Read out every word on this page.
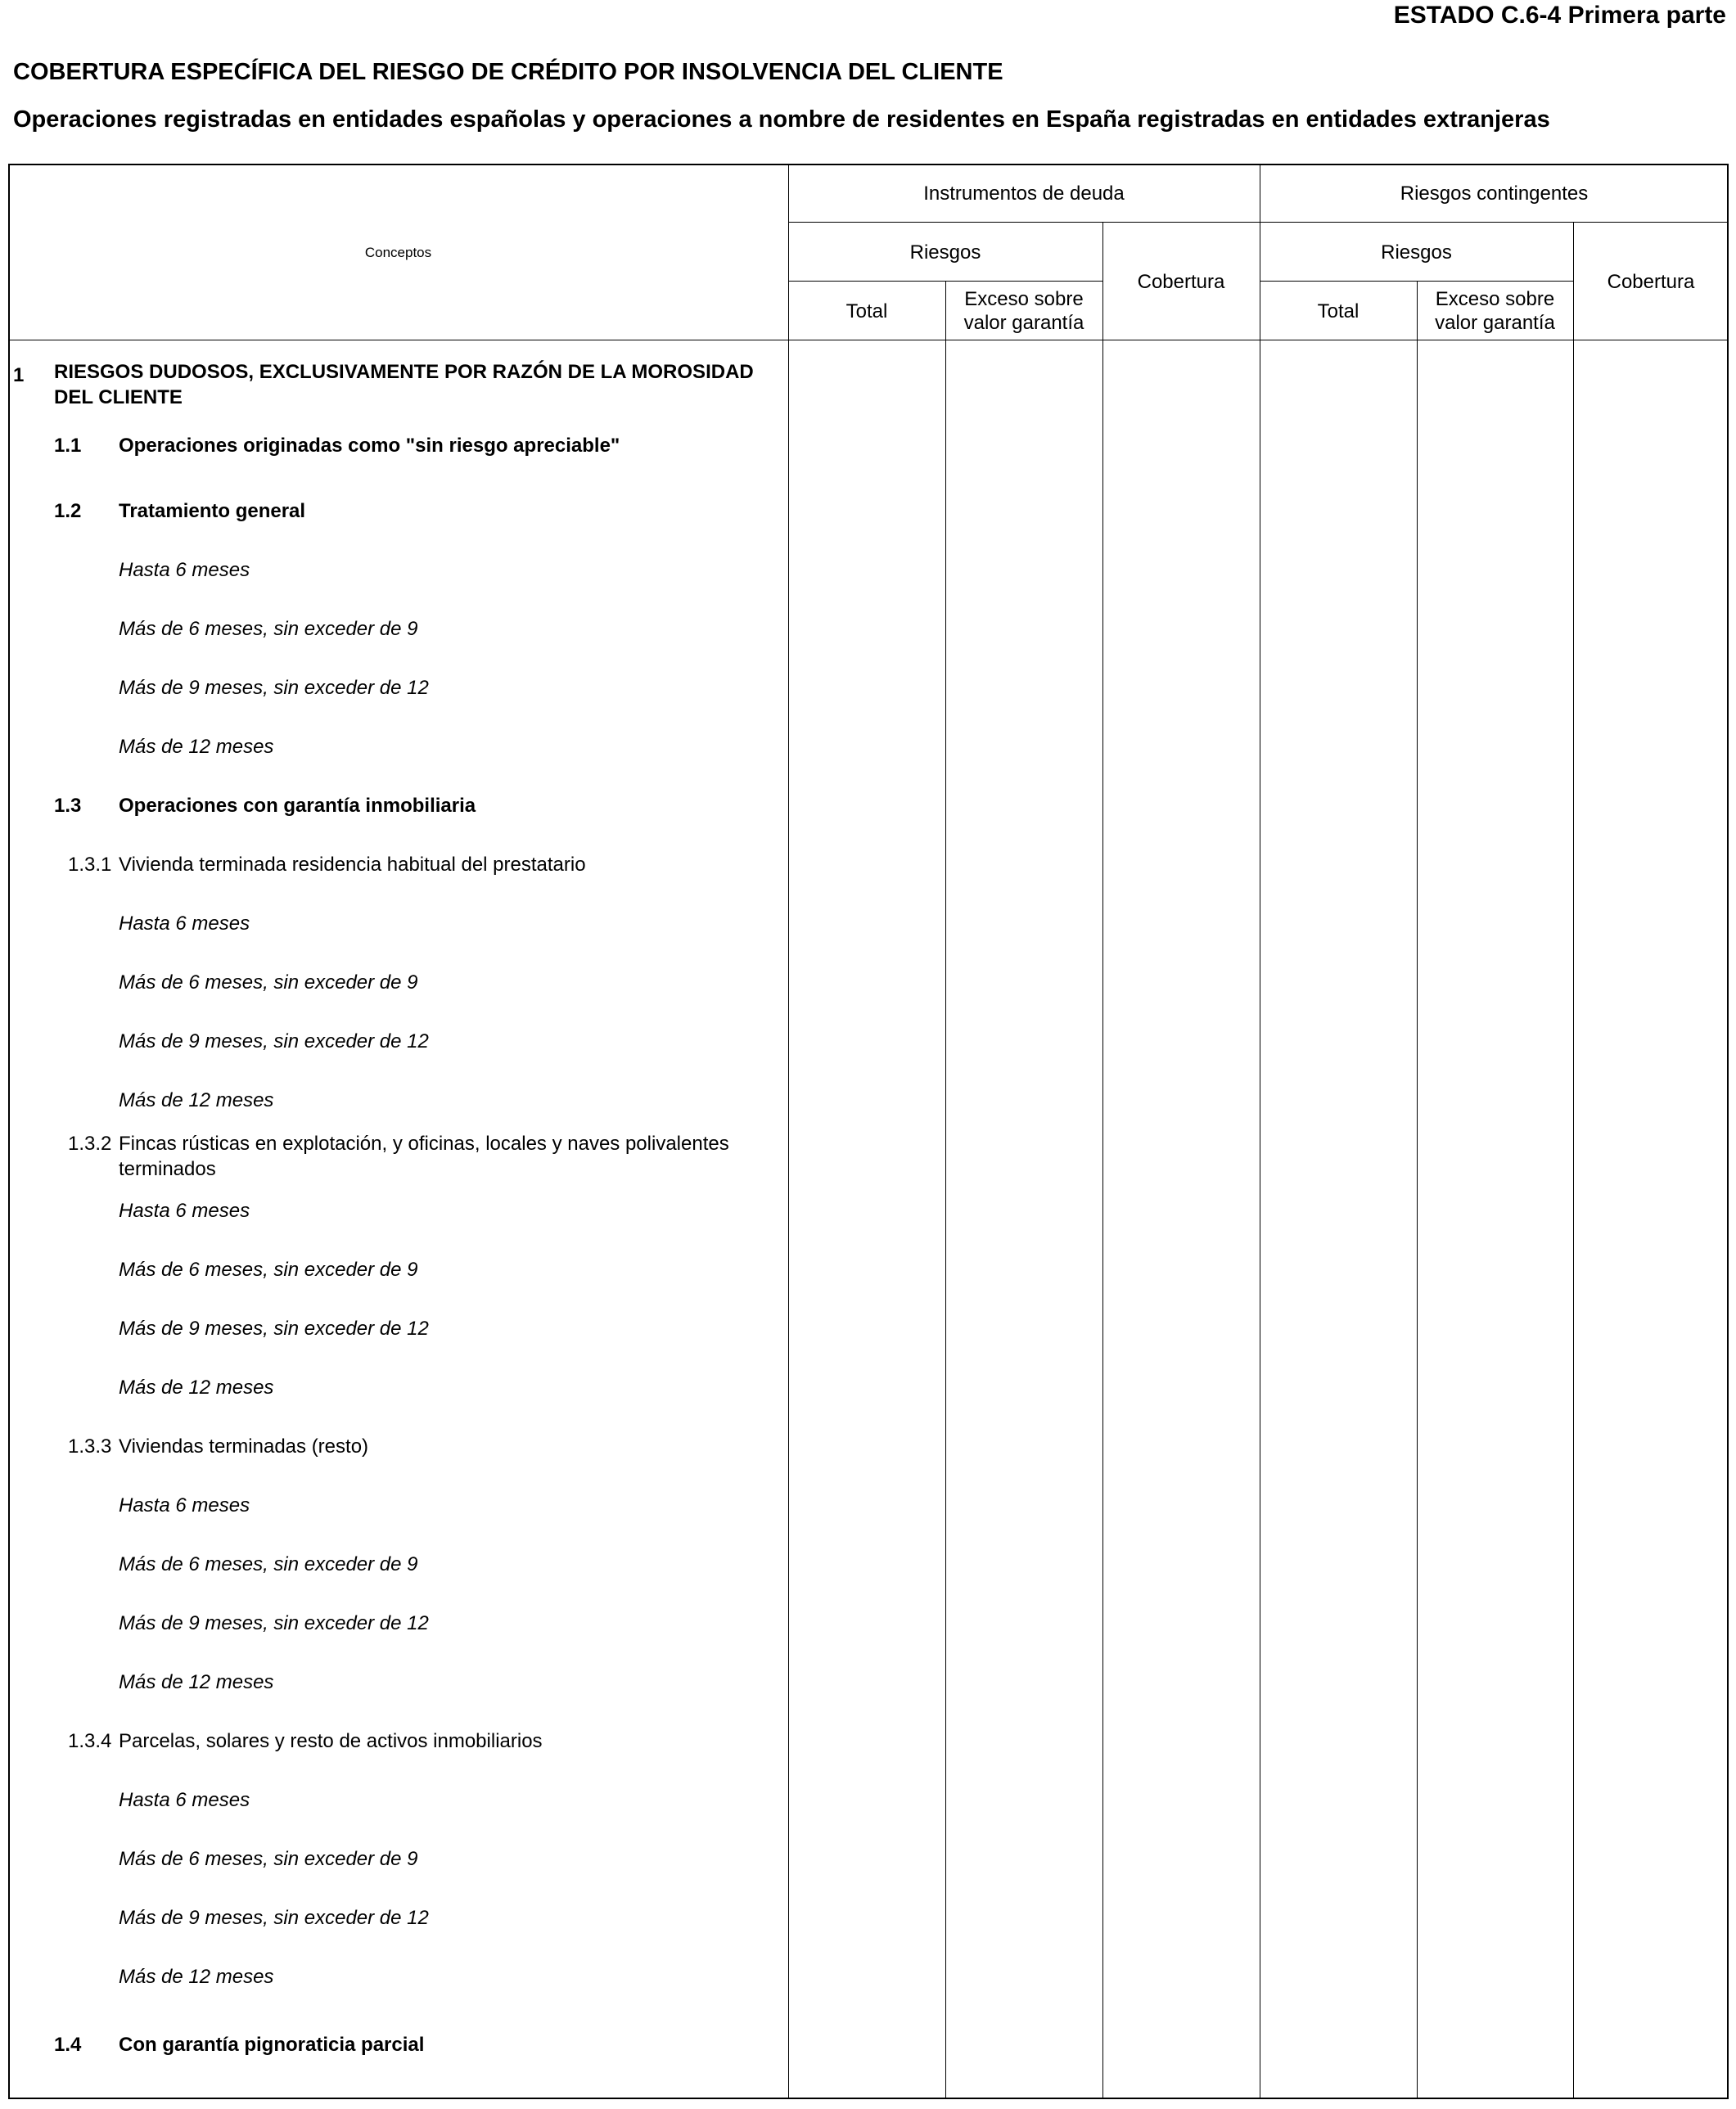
ESTADO C.6-4 Primera parte
COBERTURA ESPECÍFICA DEL RIESGO DE CRÉDITO POR INSOLVENCIA DEL CLIENTE
Operaciones registradas en entidades españolas y operaciones a nombre de residentes en España registradas en entidades extranjeras
Conceptos
Instrumentos de deuda	Riesgos contingentes
Riesgos
Cobertura
Riesgos
Cobertura
Total
Exceso sobre
valor garantía
Total
Exceso sobre
valor garantía
1 RIESGOS DUDOSOS, EXCLUSIVAMENTE POR RAZÓN DE LA MOROSIDAD
DEL CLIENTE
1.1 Operaciones originadas como "sin riesgo apreciable"
1.2 Tratamiento general
Hasta 6 meses
Más de 6 meses, sin exceder de 9
Más de 9 meses, sin exceder de 12
Más de 12 meses
1.3 Operaciones con garantía inmobiliaria
1.3.1 Vivienda terminada residencia habitual del prestatario
Hasta 6 meses
Más de 6 meses, sin exceder de 9
Más de 9 meses, sin exceder de 12
Más de 12 meses
1.3.2 Fincas rústicas en explotación, y oficinas, locales y naves polivalentes
terminados
Hasta 6 meses
Más de 6 meses, sin exceder de 9
Más de 9 meses, sin exceder de 12
Más de 12 meses
1.3.3 Viviendas terminadas (resto)
Hasta 6 meses
Más de 6 meses, sin exceder de 9
Más de 9 meses, sin exceder de 12
Más de 12 meses
1.3.4 Parcelas, solares y resto de activos inmobiliarios
Hasta 6 meses
Más de 6 meses, sin exceder de 9
Más de 9 meses, sin exceder de 12
Más de 12 meses
1.4 Con garantía pignoraticia parcial
